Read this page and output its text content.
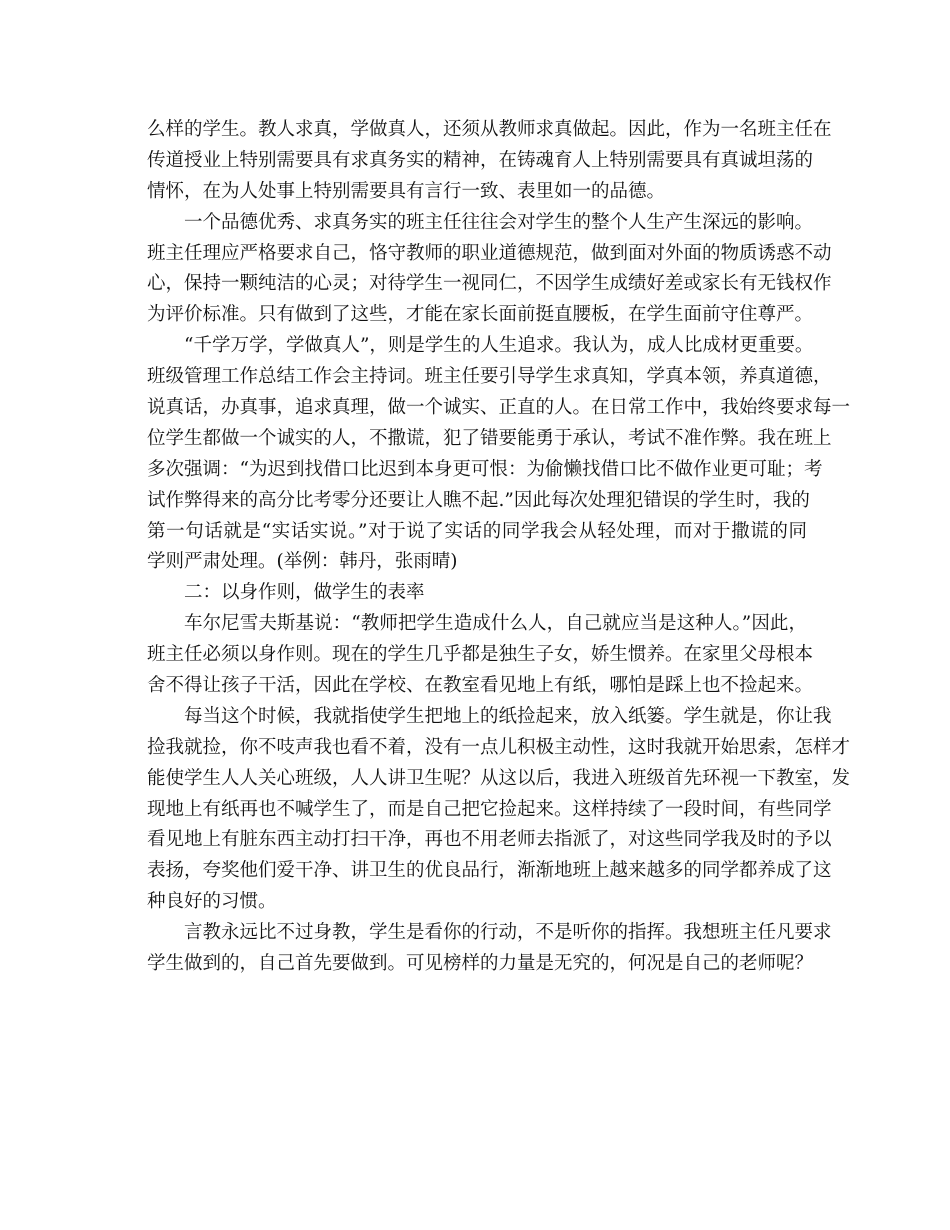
么样的学生。教人求真，学做真人，还须从教师求真做起。因此，作为一名班主任在
传道授业上特别需要具有求真务实的精神，在铸魂育人上特别需要具有真诚坦荡的
情怀，在为人处事上特别需要具有言行一致、表里如一的品德。
一个品德优秀、求真务实的班主任往往会对学生的整个人生产生深远的影响。
班主任理应严格要求自己，恪守教师的职业道德规范，做到面对外面的物质诱惑不动
心，保持一颗纯洁的心灵；对待学生一视同仁，不因学生成绩好差或家长有无钱权作
为评价标准。只有做到了这些，才能在家长面前挺直腰板，在学生面前守住尊严。
“千学万学，学做真人”，则是学生的人生追求。我认为，成人比成材更重要。
班级管理工作总结工作会主持词。班主任要引导学生求真知，学真本领，养真道德，
说真话，办真事，追求真理，做一个诚实、正直的人。在日常工作中，我始终要求每一
位学生都做一个诚实的人，不撒谎，犯了错要能勇于承认，考试不准作弊。我在班上
多次强调：“为迟到找借口比迟到本身更可恨：为偷懒找借口比不做作业更可耻；考
试作弊得来的高分比考零分还要让人瞧不起.”因此每次处理犯错误的学生时，我的
第一句话就是“实话实说。”对于说了实话的同学我会从轻处理，而对于撒谎的同
学则严肃处理。(举例：韩丹，张雨晴)
二：以身作则，做学生的表率
车尔尼雪夫斯基说：“教师把学生造成什么人，自己就应当是这种人。”因此，
班主任必须以身作则。现在的学生几乎都是独生子女，娇生惯养。在家里父母根本
舍不得让孩子干活，因此在学校、在教室看见地上有纸，哪怕是踩上也不捡起来。
每当这个时候，我就指使学生把地上的纸捡起来，放入纸篓。学生就是，你让我
捡我就捡，你不吱声我也看不着，没有一点儿积极主动性，这时我就开始思索，怎样才
能使学生人人关心班级，人人讲卫生呢？从这以后，我进入班级首先环视一下教室，发
现地上有纸再也不喊学生了，而是自己把它捡起来。这样持续了一段时间，有些同学
看见地上有脏东西主动打扫干净，再也不用老师去指派了，对这些同学我及时的予以
表扬，夸奖他们爱干净、讲卫生的优良品行，渐渐地班上越来越多的同学都养成了这
种良好的习惯。
言教永远比不过身教，学生是看你的行动，不是听你的指挥。我想班主任凡要求
学生做到的，自己首先要做到。可见榜样的力量是无究的，何况是自己的老师呢？
